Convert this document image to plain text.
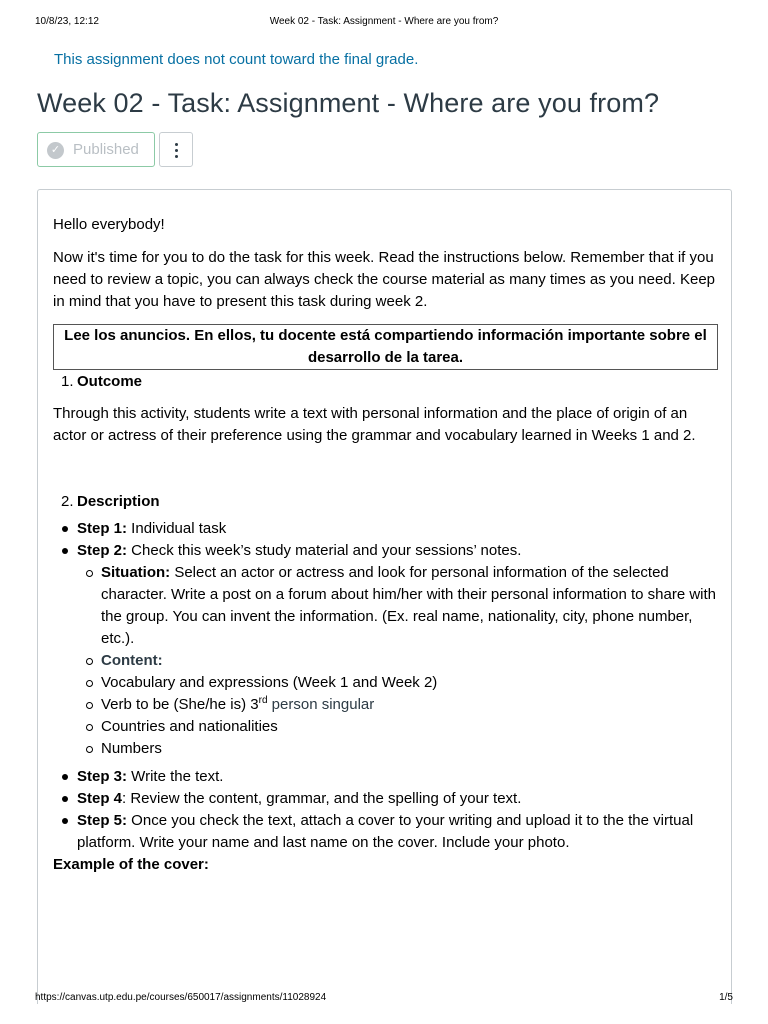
10/8/23, 12:12	Week 02 - Task: Assignment - Where are you from?
This assignment does not count toward the final grade.
Week 02 - Task: Assignment - Where are you from?
✓ Published

Hello everybody!

Now it's time for you to do the task for this week. Read the instructions below. Remember that if you need to review a topic, you can always check the course material as many times as you need. Keep in mind that you have to present this task during week 2.

Lee los anuncios. En ellos, tu docente está compartiendo información importante sobre el desarrollo de la tarea.
1. Outcome

Through this activity, students write a text with personal information and the place of origin of an actor or actress of their preference using the grammar and vocabulary learned in Weeks 1 and 2.

2. Description
Step 1: Individual task
Step 2: Check this week’s study material and your sessions’ notes.
Situation: Select an actor or actress and look for personal information of the selected character. Write a post on a forum about him/her with their personal information to share with the group. You can invent the information. (Ex. real name, nationality, city, phone number, etc.).
Content:
Vocabulary and expressions (Week 1 and Week 2)
Verb to be (She/he is) 3rd person singular
Countries and nationalities
Numbers
Step 3: Write the text.
Step 4: Review the content, grammar, and the spelling of your text.
Step 5: Once you check the text, attach a cover to your writing and upload it to the the virtual platform. Write your name and last name on the cover. Include your photo.

Example of the cover:

https://canvas.utp.edu.pe/courses/650017/assignments/11028924	1/5
